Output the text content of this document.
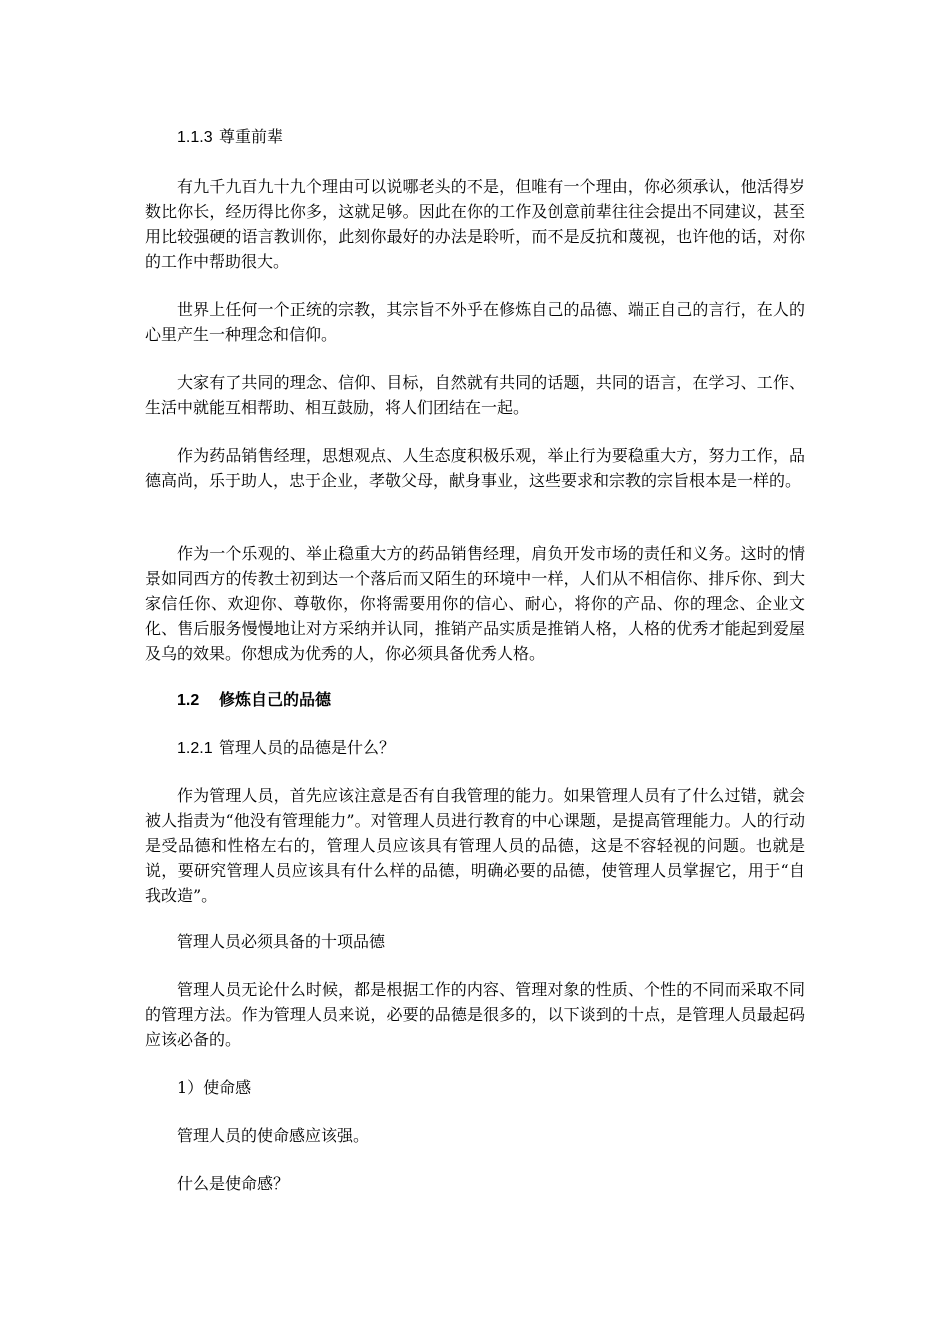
1.1.3 尊重前辈

有九千九百九十九个理由可以说哪老头的不是，但唯有一个理由，你必须承认，他活得岁数比你长，经历得比你多，这就足够。因此在你的工作及创意前辈往往会提出不同建议，甚至用比较强硬的语言教训你，此刻你最好的办法是聆听，而不是反抗和蔑视，也许他的话，对你的工作中帮助很大。

世界上任何一个正统的宗教，其宗旨不外乎在修炼自己的品德、端正自己的言行，在人的心里产生一种理念和信仰。

大家有了共同的理念、信仰、目标，自然就有共同的话题，共同的语言，在学习、工作、生活中就能互相帮助、相互鼓励，将人们团结在一起。

作为药品销售经理，思想观点、人生态度积极乐观，举止行为要稳重大方，努力工作，品德高尚，乐于助人，忠于企业，孝敬父母，献身事业，这些要求和宗教的宗旨根本是一样的。

作为一个乐观的、举止稳重大方的药品销售经理，肩负开发市场的责任和义务。这时的情景如同西方的传教士初到达一个落后而又陌生的环境中一样，人们从不相信你、排斥你、到大家信任你、欢迎你、尊敬你，你将需要用你的信心、耐心，将你的产品、你的理念、企业文化、售后服务慢慢地让对方采纳并认同，推销产品实质是推销人格，人格的优秀才能起到爱屋及乌的效果。你想成为优秀的人，你必须具备优秀人格。

1.2 修炼自己的品德

1.2.1 管理人员的品德是什么？

作为管理人员，首先应该注意是否有自我管理的能力。如果管理人员有了什么过错，就会被人指责为“他没有管理能力”。对管理人员进行教育的中心课题，是提高管理能力。人的行动是受品德和性格左右的，管理人员应该具有管理人员的品德，这是不容轻视的问题。也就是说，要研究管理人员应该具有什么样的品德，明确必要的品德，使管理人员掌握它，用于“自我改造”。

管理人员必须具备的十项品德

管理人员无论什么时候，都是根据工作的内容、管理对象的性质、个性的不同而采取不同的管理方法。作为管理人员来说，必要的品德是很多的，以下谈到的十点，是管理人员最起码应该必备的。

1）使命感

管理人员的使命感应该强。

什么是使命感？
